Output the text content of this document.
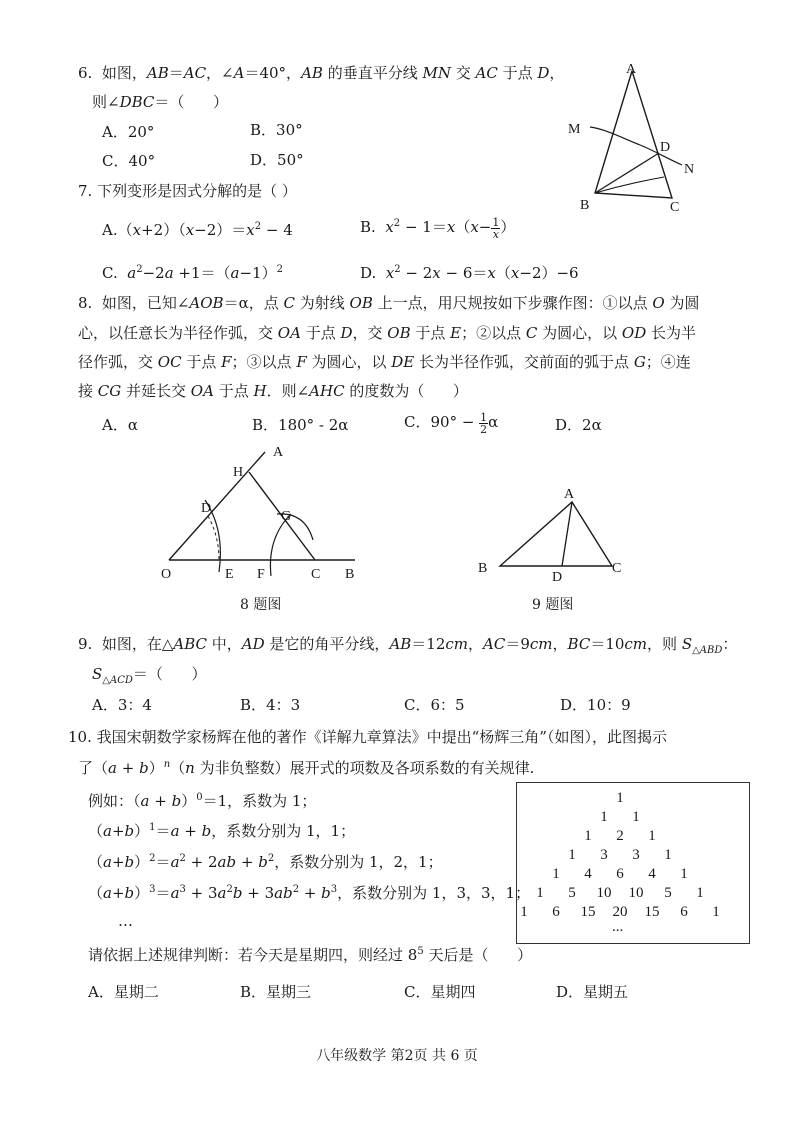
6.  如图，AB＝AC，∠A＝40°，AB 的垂直平分线 MN 交 AC 于点 D，
则∠DBC＝（      ）
A．20°	B．30°
C．40°	D．50°
A
M
D
N
B	C
7. 下列变形是因式分解的是（ ）
$A.(x+2)(x-2)=x^2 - 4$	B.  $x^2 - 1=x(x- \frac{1}{x}$ ）
C.  $a^2-2a +1=(a-1)^2$	D.  $x^2 - 2x - 6=x(x-2)-6$
8.  如图，已知∠AOB＝α，点 C 为射线 OB 上一点，用尺规按如下步骤作图：①以点 O 为圆
心，以任意长为半径作弧，交 OA 于点 D，交 OB 于点 E；②以点 C 为圆心，以 OD 长为半
径作弧，交 OC 于点 F；③以点 F 为圆心，以 DE 长为半径作弧，交前面的弧于点 G；④连
接 CG 并延长交 OA 于点 H．则∠AHC 的度数为（      ）
A．α	B．180° - 2α	C．$90^\circ - \frac{1}{2}$ α	D．2α
A
H
D
G
O	E F	C B
8 题图
A
B
D
C
9 题图
9.  如图，在△ABC 中，AD 是它的角平分线，AB＝12cm，AC＝9cm，BC＝10cm，则 $S_{\triangle ABD}$：
$S_{\triangle ACD}=$（      ）
A．3：4	B．4：3	C．6：5	D．10：9
10. 我国宋朝数学家杨辉在他的著作《详解九章算法》中提出“杨辉三角”（如图），此图揭示
了$(a + b)^n(n$ 为非负整数）展开式的项数及各项系数的有关规律.
例如：$(a + b)^0=1$，系数为 1；
$(a+b)^1=a + b$，系数分别为 1，1；
$(a+b)^2=a^2 + 2ab + b^2$，系数分别为 1，2，1；
$(a+b)^3=a^3 + 3a^2b + 3ab^2 + b^3$，系数分别为 1，3，3，1；
…
1
1 1
1 2 1
1 3 3 1
1 4 6 4 1
1 5 10 10 5 1
1 6 15 20 15 6 1
...
请依据上述规律判断：若今天是星期四，则经过 $8^5$ 天后是（      ）
A．星期二	B．星期三	C．星期四	D．星期五
八年级数学 第2页 共 6 页
